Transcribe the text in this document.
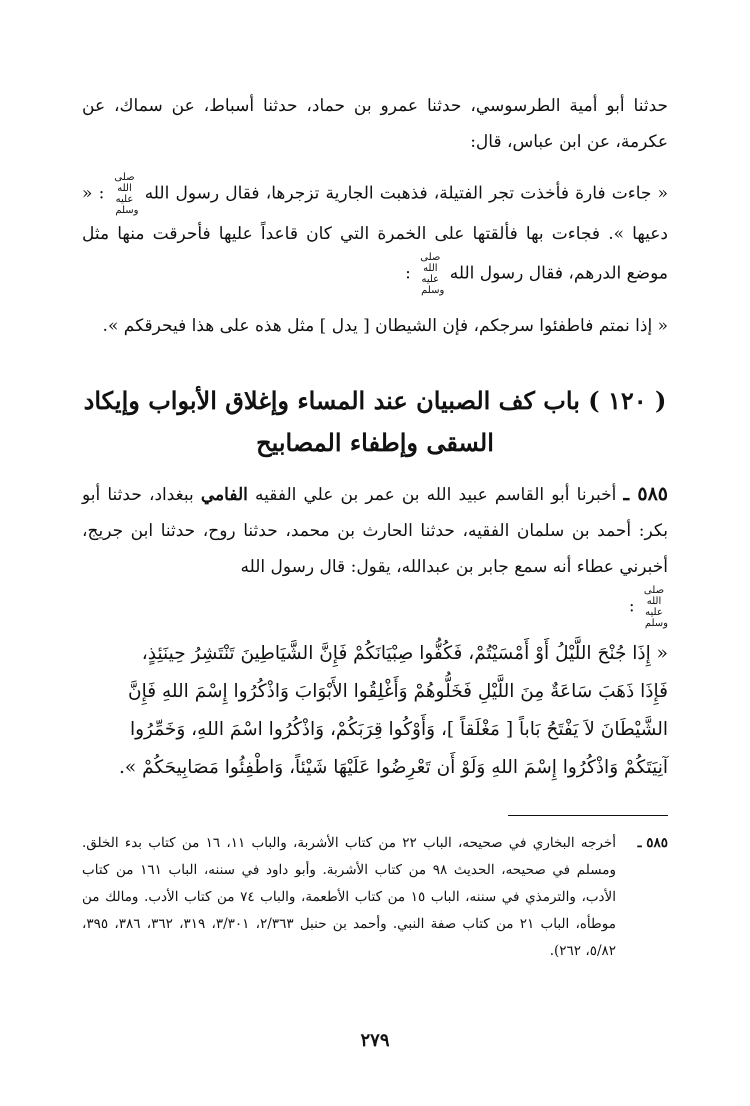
حدثنا أبو أمية الطرسوسي، حدثنا عمرو بن حماد، حدثنا أسباط، عن سماك، عن عكرمة، عن ابن عباس، قال:

« جاءت فارة فأخذت تجر الفتيلة، فذهبت الجارية تزجرها، فقال رسول الله صلى الله عليه وسلم : « دعيها ». فجاءت بها فألقتها على الخمرة التي كان قاعداً عليها فأحرقت منها مثل موضع الدرهم، فقال رسول الله صلى الله عليه وسلم :

« إذا نمتم فاطفئوا سرجكم، فإن الشيطان [ يدل ] مثل هذه على هذا فيحرقكم ».

( ١٢٠ ) باب كف الصبيان عند المساء وإغلاق الأبواب وإيكاد
السقى وإطفاء المصابيح

٥٨٥ ـ أخبرنا أبو القاسم عبيد الله بن عمر بن علي الفقيه الفامي ببغداد، حدثنا أبو بكر: أحمد بن سلمان الفقيه، حدثنا الحارث بن محمد، حدثنا روح، حدثنا ابن جريج، أخبرني عطاء أنه سمع جابر بن عبدالله، يقول: قال رسول الله
صلى الله عليه وسلم :

« إِذَا جُنْحَ اللَّيْلُ أَوْ أَمْسَيْتُمْ، فَكُفُّوا صِبْيَانَكُمْ فَإِنَّ الشَّيَاطِينَ تَنْتَشِرُ حِينَئِذٍ،

فَإِذَا ذَهَبَ سَاعَةٌ مِنَ اللَّيْلِ فَخَلُّوهُمْ وَأَغْلِقُوا الأَبْوَابَ وَاذْكُرُوا إِسْمَ اللهِ فَإِنَّ

الشَّيْطَانَ لاَ يَفْتَحُ بَاباً [ مَغْلَقاً ]، وَأَوْكُوا قِرَبَكُمْ، وَاذْكُرُوا اسْمَ اللهِ، وَخَمِّرُوا

آنِيَتَكُمْ وَاذْكُرُوا إِسْمَ اللهِ وَلَوْ أَن تَعْرِضُوا عَلَيْهَا شَيْئاً، وَاطْفِئُوا مَصَابِيحَكُمْ ».

٥٨٥ ـ
أخرجه البخاري في صحيحه، الباب ٢٢ من كتاب الأشربة، والباب ١١، ١٦ من كتاب بدء الخلق. ومسلم في صحيحه، الحديث ٩٨ من كتاب الأشربة. وأبو داود في سننه، الباب ١٦١ من كتاب الأدب، والترمذي في سننه، الباب ١٥ من كتاب الأطعمة، والباب ٧٤ من كتاب الأدب. ومالك من موطأه، الباب ٢١ من كتاب صفة النبي. وأحمد بن حنبل ٢/٣٦٣، ٣/٣٠١، ٣١٩، ٣٦٢، ٣٨٦، ٣٩٥، ٥/٨٢، ٢٦٢).
٢٧٩
